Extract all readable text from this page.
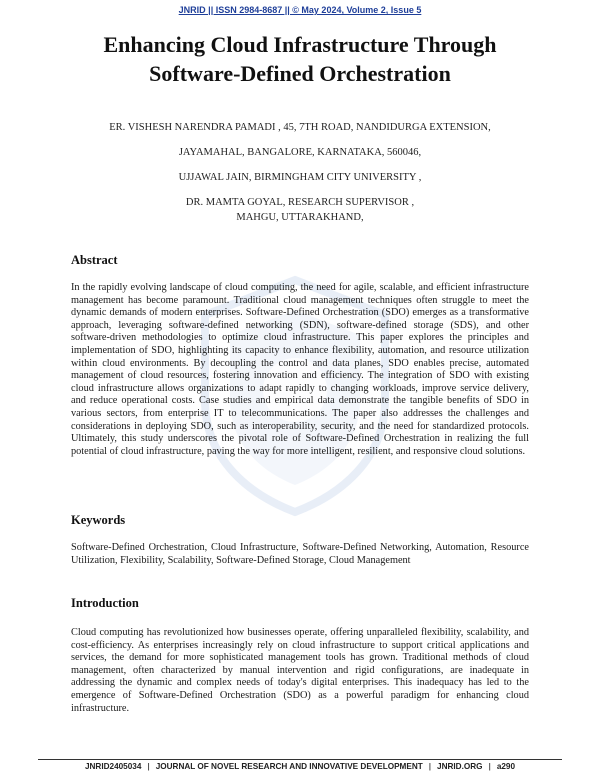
JNRID || ISSN 2984-8687 || © May 2024, Volume 2, Issue 5
Enhancing Cloud Infrastructure Through
Software-Defined Orchestration
ER. VISHESH NARENDRA PAMADI , 45, 7TH ROAD, NANDIDURGA EXTENSION,
JAYAMAHAL, BANGALORE, KARNATAKA, 560046,
UJJAWAL JAIN, BIRMINGHAM CITY UNIVERSITY ,
DR. MAMTA GOYAL, RESEARCH SUPERVISOR ,
MAHGU, UTTARAKHAND,
Abstract
In the rapidly evolving landscape of cloud computing, the need for agile, scalable, and efficient infrastructure management has become paramount. Traditional cloud management techniques often struggle to meet the dynamic demands of modern enterprises. Software-Defined Orchestration (SDO) emerges as a transformative approach, leveraging software-defined networking (SDN), software-defined storage (SDS), and other software-driven methodologies to optimize cloud infrastructure. This paper explores the principles and implementation of SDO, highlighting its capacity to enhance flexibility, automation, and resource utilization within cloud environments. By decoupling the control and data planes, SDO enables precise, automated management of cloud resources, fostering innovation and efficiency. The integration of SDO with existing cloud infrastructure allows organizations to adapt rapidly to changing workloads, improve service delivery, and reduce operational costs. Case studies and empirical data demonstrate the tangible benefits of SDO in various sectors, from enterprise IT to telecommunications. The paper also addresses the challenges and considerations in deploying SDO, such as interoperability, security, and the need for standardized protocols. Ultimately, this study underscores the pivotal role of Software-Defined Orchestration in realizing the full potential of cloud infrastructure, paving the way for more intelligent, resilient, and responsive cloud solutions.
Keywords
Software-Defined Orchestration, Cloud Infrastructure, Software-Defined Networking, Automation, Resource Utilization, Flexibility, Scalability, Software-Defined Storage, Cloud Management
Introduction
Cloud computing has revolutionized how businesses operate, offering unparalleled flexibility, scalability, and cost-efficiency. As enterprises increasingly rely on cloud infrastructure to support critical applications and services, the demand for more sophisticated management tools has grown. Traditional methods of cloud management, often characterized by manual intervention and rigid configurations, are inadequate in addressing the dynamic and complex needs of today's digital enterprises. This inadequacy has led to the emergence of Software-Defined Orchestration (SDO) as a powerful paradigm for enhancing cloud infrastructure.
JNRID2405034 | JOURNAL OF NOVEL RESEARCH AND INNOVATIVE DEVELOPMENT | JNRID.ORG | a290
